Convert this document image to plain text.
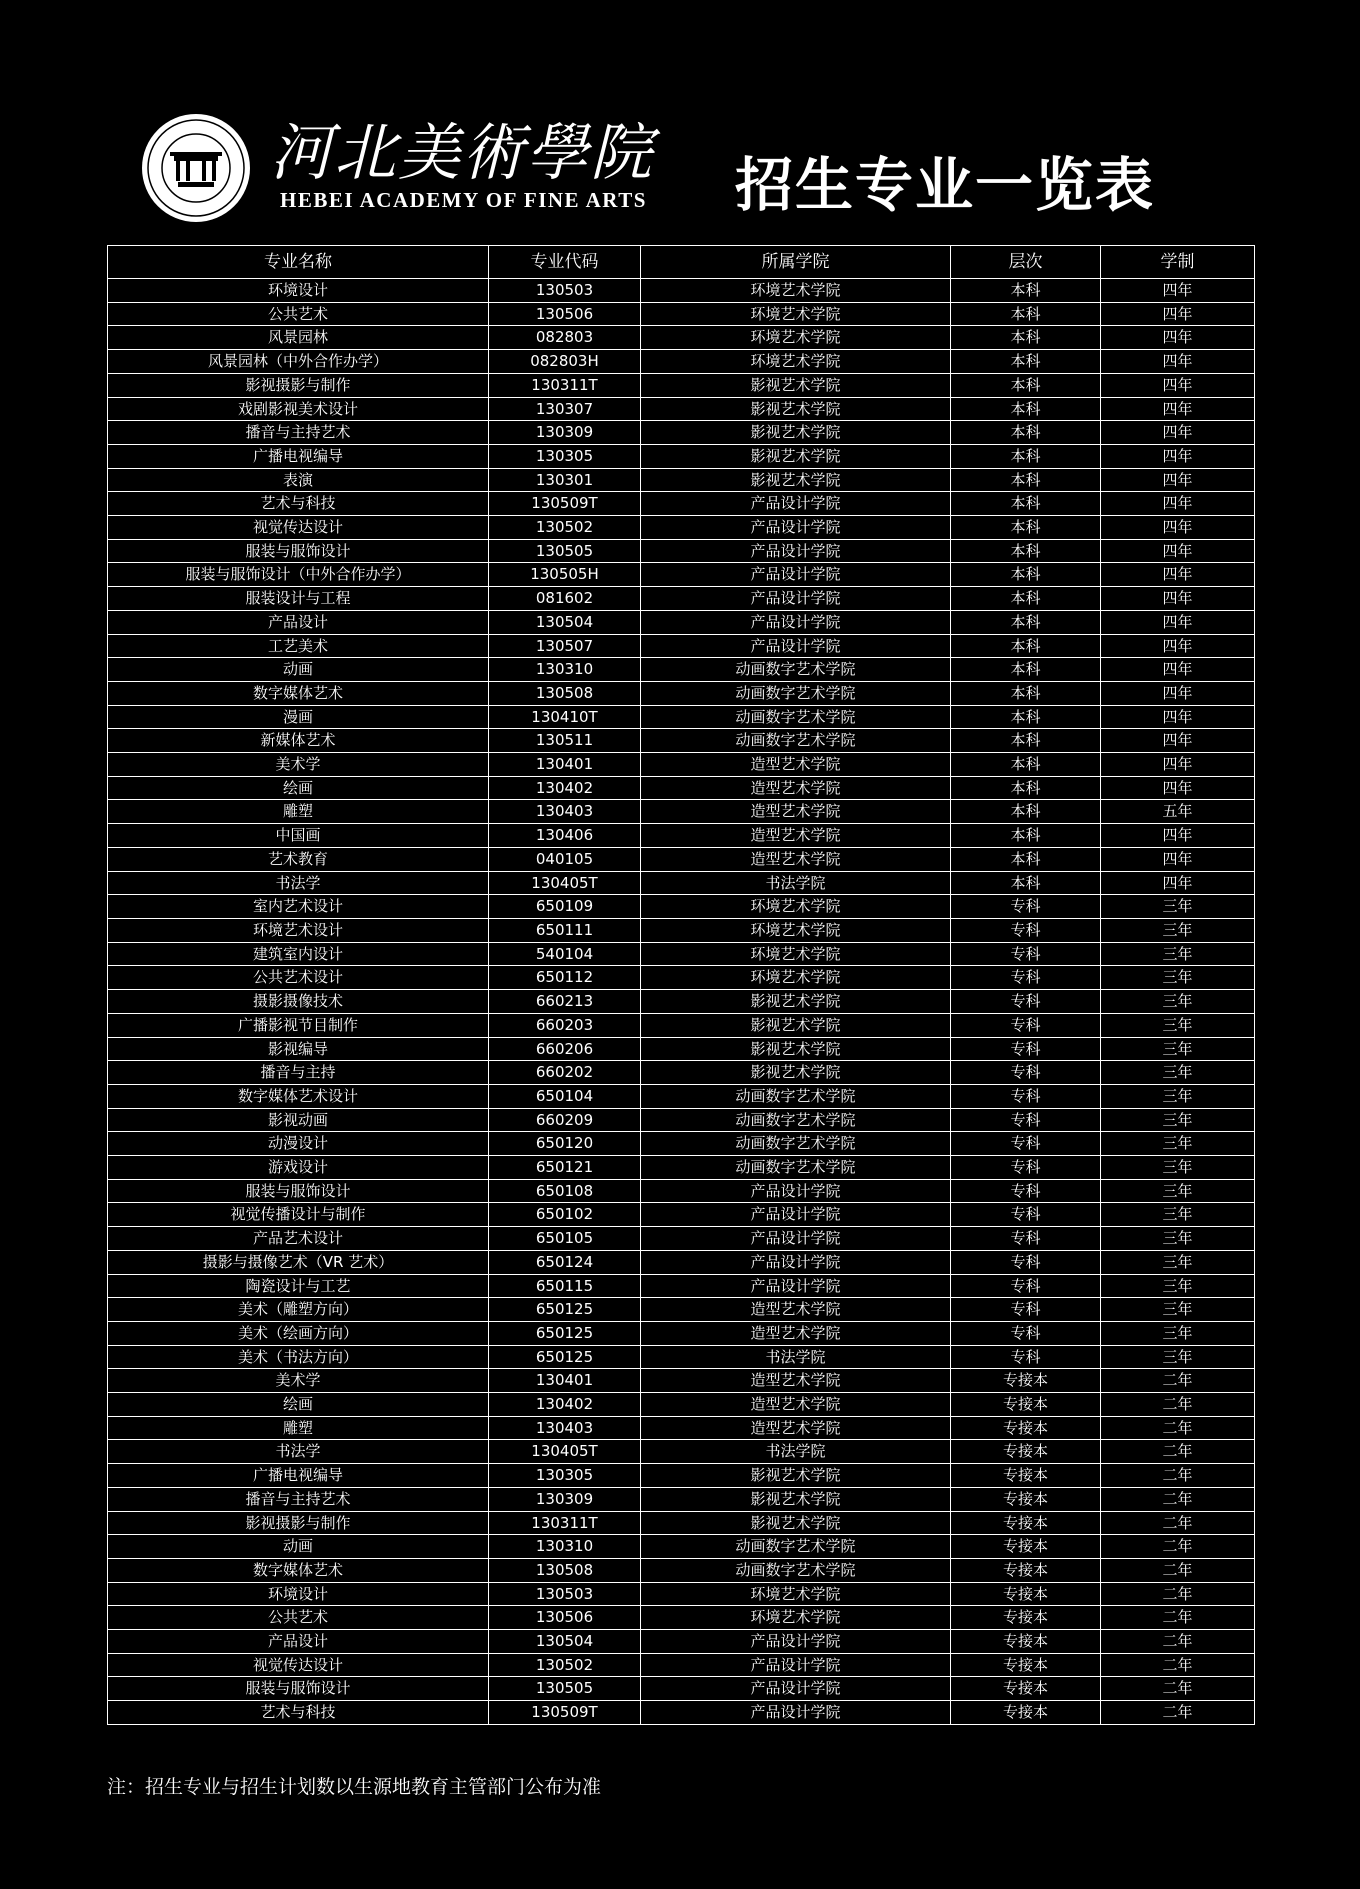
河北美術學院
HEBEI ACADEMY OF FINE ARTS 招生专业一览表
专业名称	专业代码	所属学院	层次	学制
环境设计	130503	环境艺术学院	本科	四年
公共艺术	130506	环境艺术学院	本科	四年
风景园林	082803	环境艺术学院	本科	四年
风景园林（中外合作办学）	082803H	环境艺术学院	本科	四年
影视摄影与制作	130311T	影视艺术学院	本科	四年
戏剧影视美术设计	130307	影视艺术学院	本科	四年
播音与主持艺术	130309	影视艺术学院	本科	四年
广播电视编导	130305	影视艺术学院	本科	四年
表演	130301	影视艺术学院	本科	四年
艺术与科技	130509T	产品设计学院	本科	四年
视觉传达设计	130502	产品设计学院	本科	四年
服装与服饰设计	130505	产品设计学院	本科	四年
服装与服饰设计（中外合作办学）	130505H	产品设计学院	本科	四年
服装设计与工程	081602	产品设计学院	本科	四年
产品设计	130504	产品设计学院	本科	四年
工艺美术	130507	产品设计学院	本科	四年
动画	130310	动画数字艺术学院	本科	四年
数字媒体艺术	130508	动画数字艺术学院	本科	四年
漫画	130410T	动画数字艺术学院	本科	四年
新媒体艺术	130511	动画数字艺术学院	本科	四年
美术学	130401	造型艺术学院	本科	四年
绘画	130402	造型艺术学院	本科	四年
雕塑	130403	造型艺术学院	本科	五年
中国画	130406	造型艺术学院	本科	四年
艺术教育	040105	造型艺术学院	本科	四年
书法学	130405T	书法学院	本科	四年
室内艺术设计	650109	环境艺术学院	专科	三年
环境艺术设计	650111	环境艺术学院	专科	三年
建筑室内设计	540104	环境艺术学院	专科	三年
公共艺术设计	650112	环境艺术学院	专科	三年
摄影摄像技术	660213	影视艺术学院	专科	三年
广播影视节目制作	660203	影视艺术学院	专科	三年
影视编导	660206	影视艺术学院	专科	三年
播音与主持	660202	影视艺术学院	专科	三年
数字媒体艺术设计	650104	动画数字艺术学院	专科	三年
影视动画	660209	动画数字艺术学院	专科	三年
动漫设计	650120	动画数字艺术学院	专科	三年
游戏设计	650121	动画数字艺术学院	专科	三年
服装与服饰设计	650108	产品设计学院	专科	三年
视觉传播设计与制作	650102	产品设计学院	专科	三年
产品艺术设计	650105	产品设计学院	专科	三年
摄影与摄像艺术（VR 艺术）	650124	产品设计学院	专科	三年
陶瓷设计与工艺	650115	产品设计学院	专科	三年
美术（雕塑方向）	650125	造型艺术学院	专科	三年
美术（绘画方向）	650125	造型艺术学院	专科	三年
美术（书法方向）	650125	书法学院	专科	三年
美术学	130401	造型艺术学院	专接本	二年
绘画	130402	造型艺术学院	专接本	二年
雕塑	130403	造型艺术学院	专接本	二年
书法学	130405T	书法学院	专接本	二年
广播电视编导	130305	影视艺术学院	专接本	二年
播音与主持艺术	130309	影视艺术学院	专接本	二年
影视摄影与制作	130311T	影视艺术学院	专接本	二年
动画	130310	动画数字艺术学院	专接本	二年
数字媒体艺术	130508	动画数字艺术学院	专接本	二年
环境设计	130503	环境艺术学院	专接本	二年
公共艺术	130506	环境艺术学院	专接本	二年
产品设计	130504	产品设计学院	专接本	二年
视觉传达设计	130502	产品设计学院	专接本	二年
服装与服饰设计	130505	产品设计学院	专接本	二年
艺术与科技	130509T	产品设计学院	专接本	二年
注：招生专业与招生计划数以生源地教育主管部门公布为准
